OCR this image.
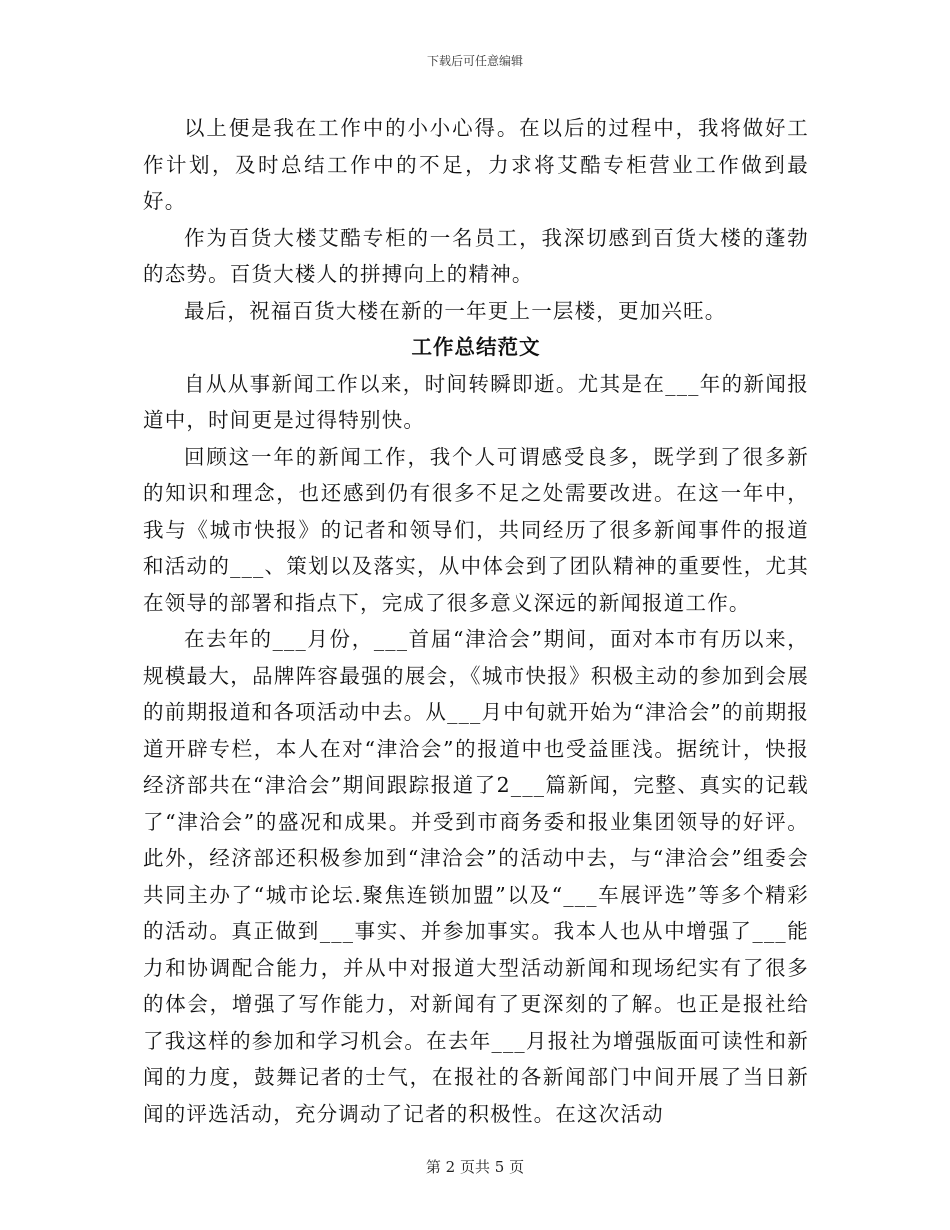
下载后可任意编辑

以上便是我在工作中的小小心得。在以后的过程中，我将做好工作计划，及时总结工作中的不足，力求将艾酷专柜营业工作做到最好。

作为百货大楼艾酷专柜的一名员工，我深切感到百货大楼的蓬勃的态势。百货大楼人的拼搏向上的精神。

最后，祝福百货大楼在新的一年更上一层楼，更加兴旺。

工作总结范文

自从从事新闻工作以来，时间转瞬即逝。尤其是在___年的新闻报道中，时间更是过得特别快。

回顾这一年的新闻工作，我个人可谓感受良多，既学到了很多新的知识和理念，也还感到仍有很多不足之处需要改进。在这一年中，我与《城市快报》的记者和领导们，共同经历了很多新闻事件的报道和活动的___、策划以及落实，从中体会到了团队精神的重要性，尤其在领导的部署和指点下，完成了很多意义深远的新闻报道工作。

在去年的___月份，___首届“津洽会”期间，面对本市有历以来，规模最大，品牌阵容最强的展会，《城市快报》积极主动的参加到会展的前期报道和各项活动中去。从___月中旬就开始为“津洽会”的前期报道开辟专栏，本人在对“津洽会”的报道中也受益匪浅。据统计，快报经济部共在“津洽会”期间跟踪报道了2___篇新闻，完整、真实的记载了“津洽会”的盛况和成果。并受到市商务委和报业集团领导的好评。此外，经济部还积极参加到“津洽会”的活动中去，与“津洽会”组委会共同主办了“城市论坛.聚焦连锁加盟”以及“___车展评选”等多个精彩的活动。真正做到___事实、并参加事实。我本人也从中增强了___能力和协调配合能力，并从中对报道大型活动新闻和现场纪实有了很多的体会，增强了写作能力，对新闻有了更深刻的了解。也正是报社给了我这样的参加和学习机会。在去年___月报社为增强版面可读性和新闻的力度，鼓舞记者的士气，在报社的各新闻部门中间开展了当日新闻的评选活动，充分调动了记者的积极性。在这次活动

第 2 页共 5 页
